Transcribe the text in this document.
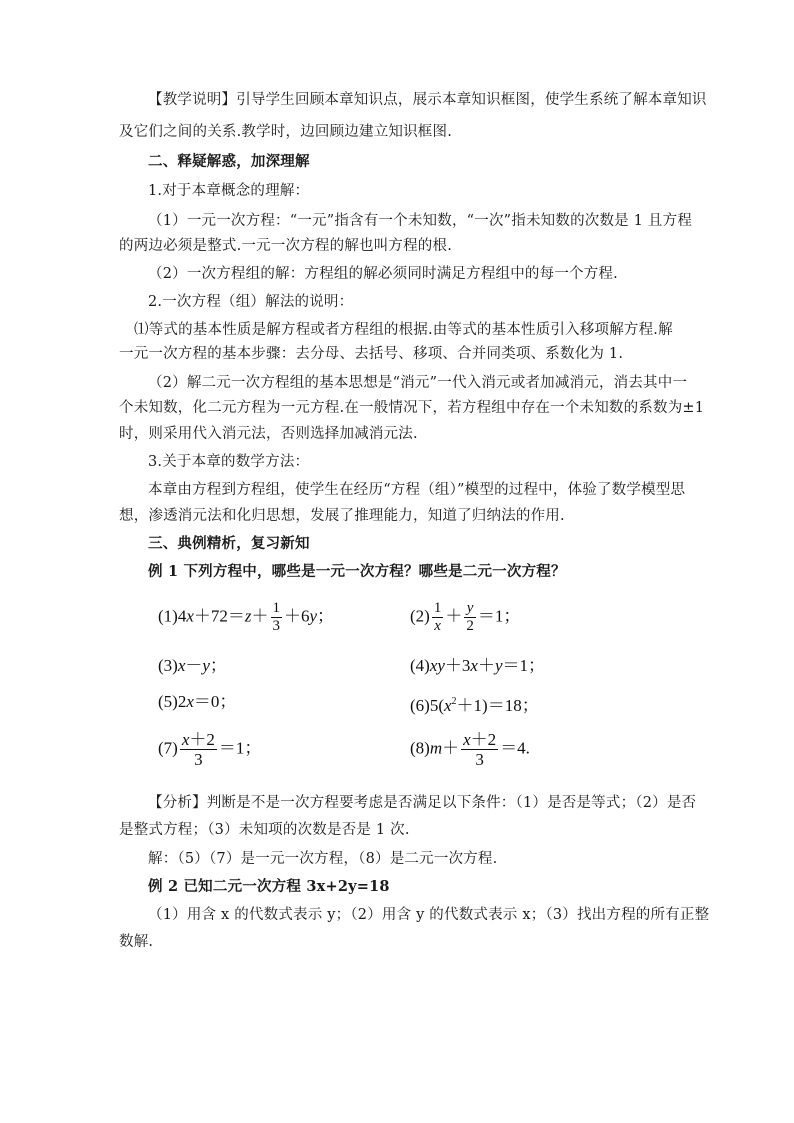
【教学说明】引导学生回顾本章知识点，展示本章知识框图，使学生系统了解本章知识
及它们之间的关系.教学时，边回顾边建立知识框图.
二、释疑解惑，加深理解
1.对于本章概念的理解：
（1）一元一次方程：“一元”指含有一个未知数，“一次”指未知数的次数是 1 且方程
的两边必须是整式.一元一次方程的解也叫方程的根.
（2）一次方程组的解：方程组的解必须同时满足方程组中的每一个方程.
2.一次方程（组）解法的说明：
⑴等式的基本性质是解方程或者方程组的根据.由等式的基本性质引入移项解方程.解
一元一次方程的基本步骤：去分母、去括号、移项、合并同类项、系数化为 1.
（2）解二元一次方程组的基本思想是“消元”一代入消元或者加减消元，消去其中一
个未知数，化二元方程为一元方程.在一般情况下，若方程组中存在一个未知数的系数为±1
时，则采用代入消元法，否则选择加减消元法.
3.关于本章的数学方法：
本章由方程到方程组，使学生在经历“方程（组）”模型的过程中，体验了数学模型思
想，渗透消元法和化归思想，发展了推理能力，知道了归纳法的作用.
三、典例精析，复习新知
例 1 下列方程中，哪些是一元一次方程？哪些是二元一次方程？
$(1)4x+72=z+ \frac{1}{3} +6y$；	$(2) \frac{1}{x} + \frac{y}{2} =1$；
(3)x－y；	(4)xy＋3x＋y＝1；
(5)2x＝0；	$(6)5(x^2+1)=18$；
$(7) \frac{x+2}{3} =1$；	$(8)m+ \frac{x+2}{3} =4$.
【分析】判断是不是一次方程要考虑是否满足以下条件：（1）是否是等式；（2）是否
是整式方程；（3）未知项的次数是否是 1 次.
解：（5）（7）是一元一次方程，（8）是二元一次方程.
例 2 已知二元一次方程 3x+2y=18
（1）用含 x 的代数式表示 y；（2）用含 y 的代数式表示 x；（3）找出方程的所有正整
数解.
